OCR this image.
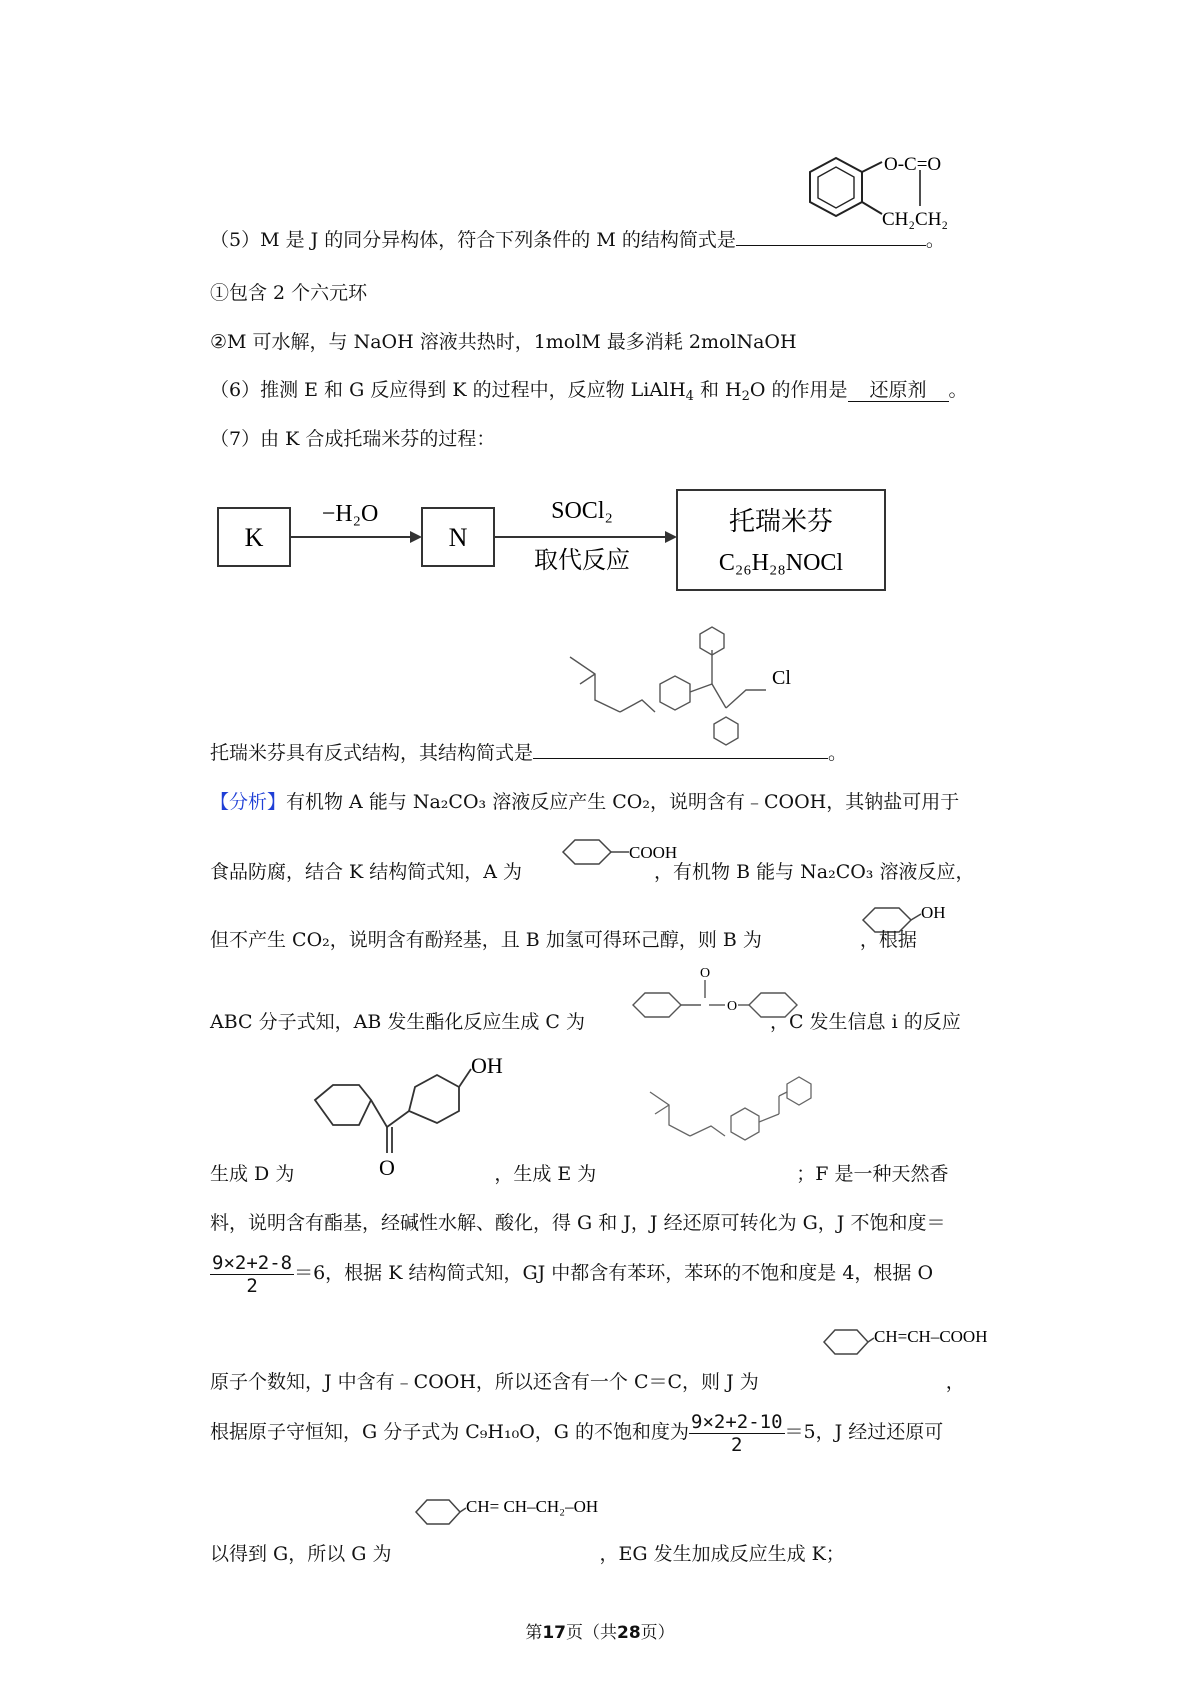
O-C=O
CH₂CH₂
（5）M 是 J 的同分异构体，符合下列条件的 M 的结构简式是	。
①包含 2 个六元环
②M 可水解，与 NaOH 溶液共热时，1molM 最多消耗 2molNaOH
（6）推测 E 和 G 反应得到 K 的过程中，反应物 LiAlH$_4$ 和 $H_2O$ 的作用是 还原剂 。
（7）由 K 合成托瑞米芬的过程：
K
−H₂O
N
SOCl₂
取代反应
托瑞米芬
C₂₆H₂₈NOCl
Cl
托瑞米芬具有反式结构，其结构简式是	。
【分析】有机物 A 能与 Na₂CO₃ 溶液反应产生 CO₂，说明含有﹣COOH，其钠盐可用于
COOH
食品防腐，结合 K 结构简式知，A 为	，有机物 B 能与 Na₂CO₃ 溶液反应，
OH
但不产生 CO₂，说明含有酚羟基，且 B 加氢可得环己醇，则 B 为	，根据
O
O
ABC 分子式知，AB 发生酯化反应生成 C 为	，C 发生信息 i 的反应
O
OH
生成 D 为	，生成 E 为	；F 是一种天然香
料，说明含有酯基，经碱性水解、酸化，得 G 和 J，J 经还原可转化为 G，J 不饱和度＝
$\frac{9\times 2+2-8}{2} =6$，根据 K 结构简式知，GJ 中都含有苯环，苯环的不饱和度是 4，根据 O
CH=CH–COOH
原子个数知，J 中含有﹣COOH，所以还含有一个 C＝C，则 J 为	，
根据原子守恒知，G 分子式为 C₉H₁₀O，G 的不饱和度为 $\frac{9\times 2+2-10}{2} =5$，J 经过还原可
CH= CH–CH₂–OH
以得到 G，所以 G 为	，EG 发生加成反应生成 K；
第17页（共28页）
